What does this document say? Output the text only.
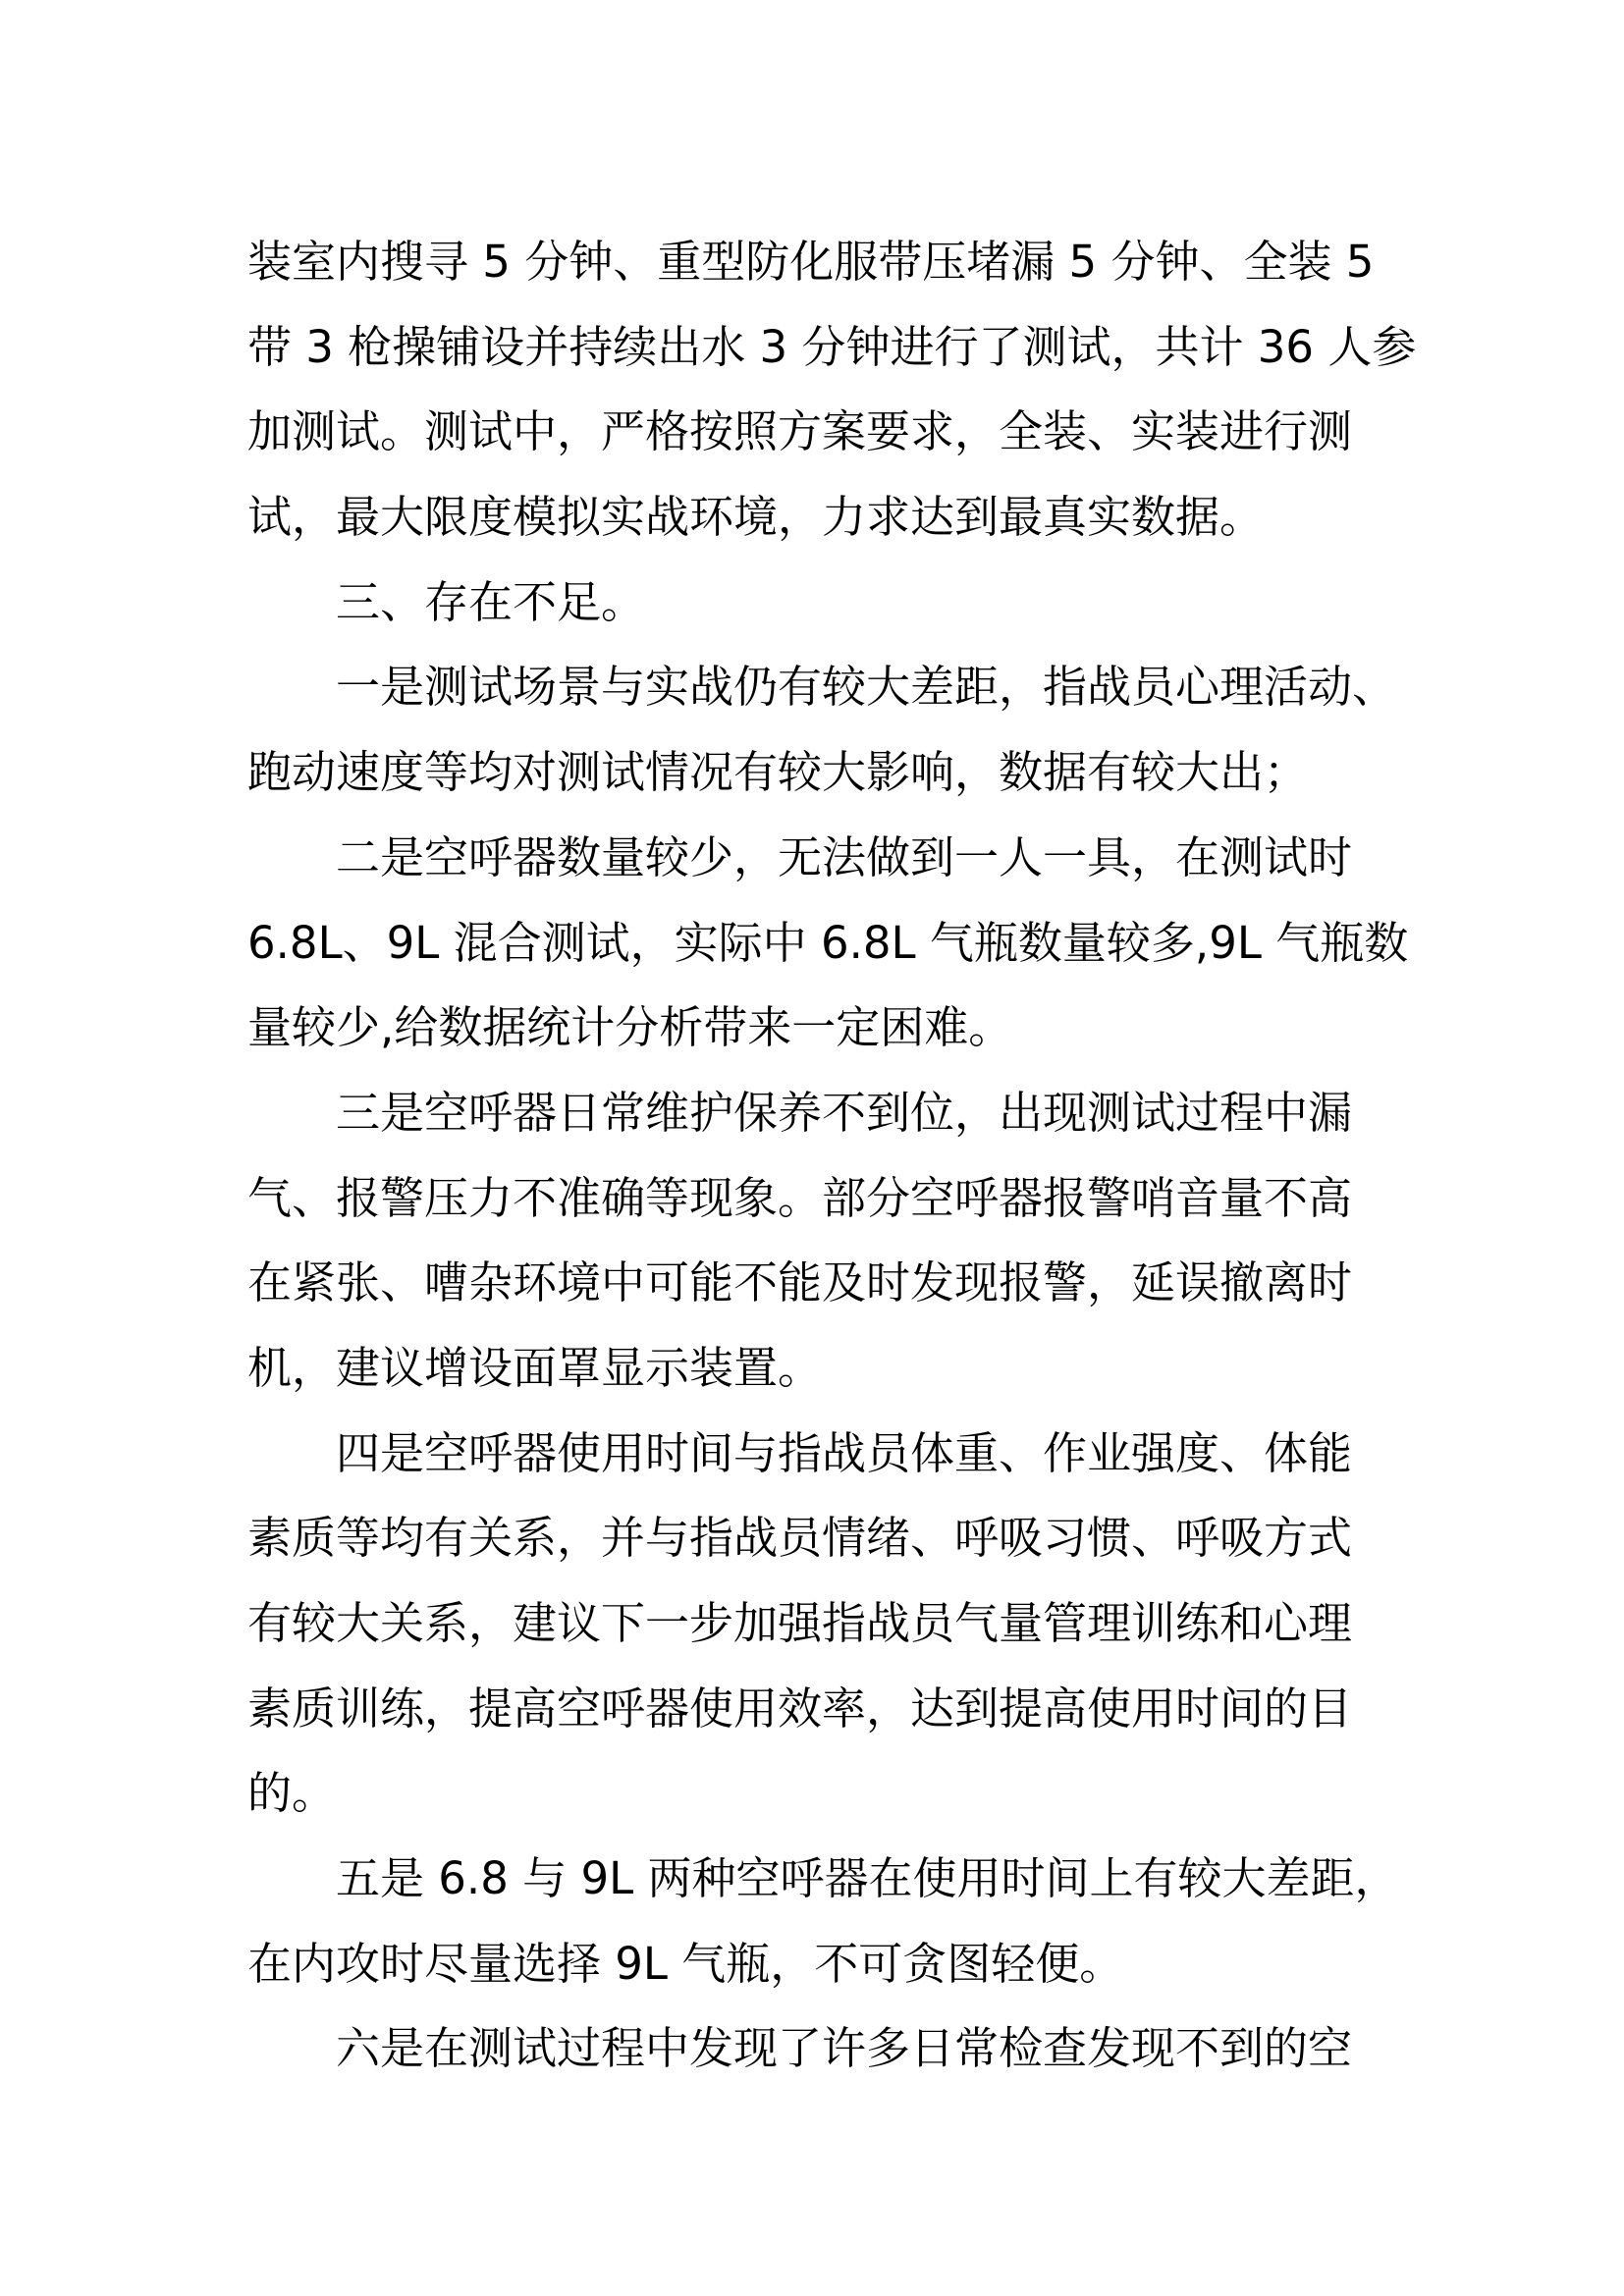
装室内搜寻 5 分钟、重型防化服带压堵漏 5 分钟、全装 5
带 3 枪操铺设并持续出水 3 分钟进行了测试，共计 36 人参
加测试。测试中，严格按照方案要求，全装、实装进行测
试，最大限度模拟实战环境，力求达到最真实数据。
三、存在不足。
一是测试场景与实战仍有较大差距，指战员心理活动、
跑动速度等均对测试情况有较大影响，数据有较大出；
二是空呼器数量较少，无法做到一人一具，在测试时
6.8L、9L 混合测试，实际中 6.8L 气瓶数量较多,9L 气瓶数
量较少,给数据统计分析带来一定困难。
三是空呼器日常维护保养不到位，出现测试过程中漏
气、报警压力不准确等现象。部分空呼器报警哨音量不高
在紧张、嘈杂环境中可能不能及时发现报警，延误撤离时
机，建议增设面罩显示装置。
四是空呼器使用时间与指战员体重、作业强度、体能
素质等均有关系，并与指战员情绪、呼吸习惯、呼吸方式
有较大关系，建议下一步加强指战员气量管理训练和心理
素质训练，提高空呼器使用效率，达到提高使用时间的目
的。
五是 6.8 与 9L 两种空呼器在使用时间上有较大差距，
在内攻时尽量选择 9L 气瓶，不可贪图轻便。
六是在测试过程中发现了许多日常检查发现不到的空
